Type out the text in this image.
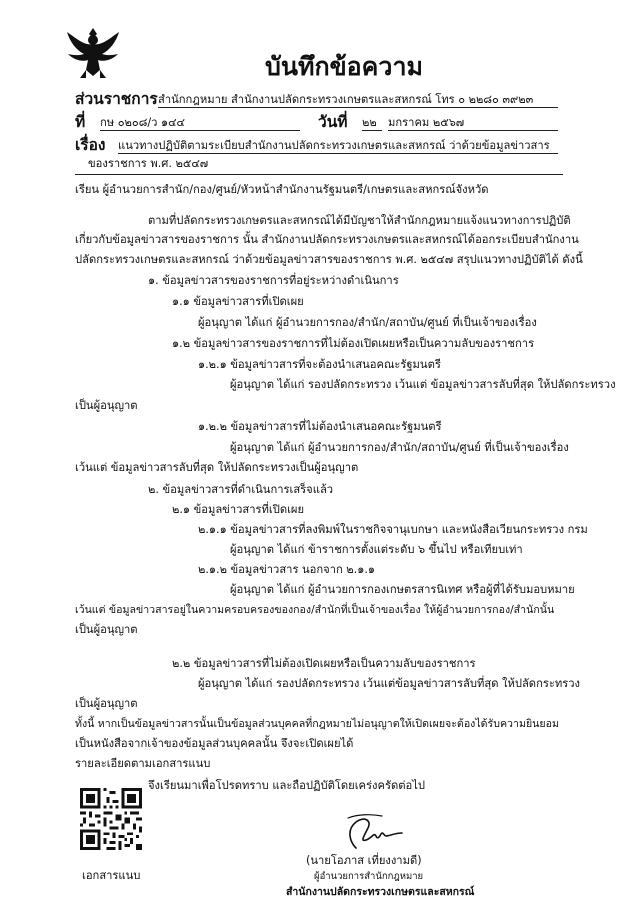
บันทึกข้อความ
ส่วนราชการ สำนักกฎหมาย สำนักงานปลัดกระทรวงเกษตรและสหกรณ์ โทร ๐ ๒๒๘๐ ๓๙๒๓
ที่ กษ ๐๒๐๘/ว ๑๔๔	วันที่ ๒๒	มกราคม ๒๕๖๗
เรื่อง แนวทางปฏิบัติตามระเบียบสำนักงานปลัดกระทรวงเกษตรและสหกรณ์ ว่าด้วยข้อมูลข่าวสาร
ของราชการ พ.ศ. ๒๕๔๗
เรียน ผู้อำนวยการสำนัก/กอง/ศูนย์/หัวหน้าสำนักงานรัฐมนตรี/เกษตรและสหกรณ์จังหวัด
ตามที่ปลัดกระทรวงเกษตรและสหกรณ์ได้มีบัญชาให้สำนักกฎหมายแจ้งแนวทางการปฏิบัติ
เกี่ยวกับข้อมูลข่าวสารของราชการ นั้น สำนักงานปลัดกระทรวงเกษตรและสหกรณ์ได้ออกระเบียบสำนักงาน
ปลัดกระทรวงเกษตรและสหกรณ์ ว่าด้วยข้อมูลข่าวสารของราชการ พ.ศ. ๒๕๔๗ สรุปแนวทางปฏิบัติได้ ดังนี้
๑. ข้อมูลข่าวสารของราชการที่อยู่ระหว่างดำเนินการ
๑.๑ ข้อมูลข่าวสารที่เปิดเผย
ผู้อนุญาต ได้แก่ ผู้อำนวยการกอง/สำนัก/สถาบัน/ศูนย์ ที่เป็นเจ้าของเรื่อง
๑.๒ ข้อมูลข่าวสารของราชการที่ไม่ต้องเปิดเผยหรือเป็นความลับของราชการ
๑.๒.๑ ข้อมูลข่าวสารที่จะต้องนำเสนอคณะรัฐมนตรี
ผู้อนุญาต ได้แก่ รองปลัดกระทรวง เว้นแต่ ข้อมูลข่าวสารลับที่สุด ให้ปลัดกระทรวง
เป็นผู้อนุญาต
๑.๒.๒ ข้อมูลข่าวสารที่ไม่ต้องนำเสนอคณะรัฐมนตรี
ผู้อนุญาต ได้แก่ ผู้อำนวยการกอง/สำนัก/สถาบัน/ศูนย์ ที่เป็นเจ้าของเรื่อง
เว้นแต่ ข้อมูลข่าวสารลับที่สุด ให้ปลัดกระทรวงเป็นผู้อนุญาต
๒. ข้อมูลข่าวสารที่ดำเนินการเสร็จแล้ว
๒.๑ ข้อมูลข่าวสารที่เปิดเผย
๒.๑.๑ ข้อมูลข่าวสารที่ลงพิมพ์ในราชกิจจานุเบกษา และหนังสือเวียนกระทรวง กรม
ผู้อนุญาต ได้แก่ ข้าราชการตั้งแต่ระดับ ๖ ขึ้นไป หรือเทียบเท่า
๒.๑.๒ ข้อมูลข่าวสาร นอกจาก ๒.๑.๑
ผู้อนุญาต ได้แก่ ผู้อำนวยการกองเกษตรสารนิเทศ หรือผู้ที่ได้รับมอบหมาย
เว้นแต่ ข้อมูลข่าวสารอยู่ในความครอบครองของกอง/สำนักที่เป็นเจ้าของเรื่อง ให้ผู้อำนวยการกอง/สำนักนั้น
เป็นผู้อนุญาต
๒.๒ ข้อมูลข่าวสารที่ไม่ต้องเปิดเผยหรือเป็นความลับของราชการ
ผู้อนุญาต ได้แก่ รองปลัดกระทรวง เว้นแต่ข้อมูลข่าวสารลับที่สุด ให้ปลัดกระทรวง
เป็นผู้อนุญาต
ทั้งนี้ หากเป็นข้อมูลข่าวสารนั้นเป็นข้อมูลส่วนบุคคลที่กฎหมายไม่อนุญาตให้เปิดเผยจะต้องได้รับความยินยอม
เป็นหนังสือจากเจ้าของข้อมูลส่วนบุคคลนั้น จึงจะเปิดเผยได้
รายละเอียดตามเอกสารแนบ
จึงเรียนมาเพื่อโปรดทราบ และถือปฏิบัติโดยเคร่งครัดต่อไป
เอกสารแนบ
(นายโอภาส เที่ยงงามดี)
ผู้อำนวยการสำนักกฎหมาย
สำนักงานปลัดกระทรวงเกษตรและสหกรณ์
